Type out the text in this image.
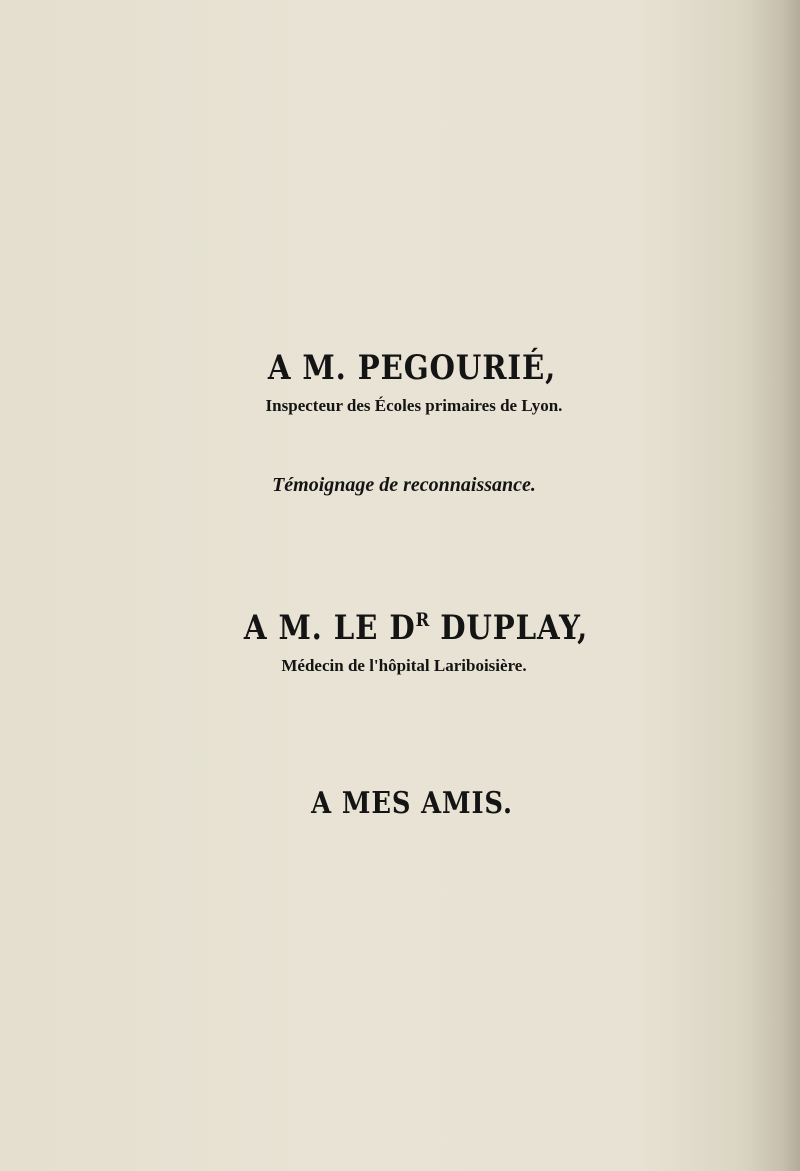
A M. PEGOURIÉ,
Inspecteur des Écoles primaires de Lyon.
Témoignage de reconnaissance.
A M. LE $D^R$ DUPLAY,
Médecin de l'hôpital Lariboisière.
A MES AMIS.
